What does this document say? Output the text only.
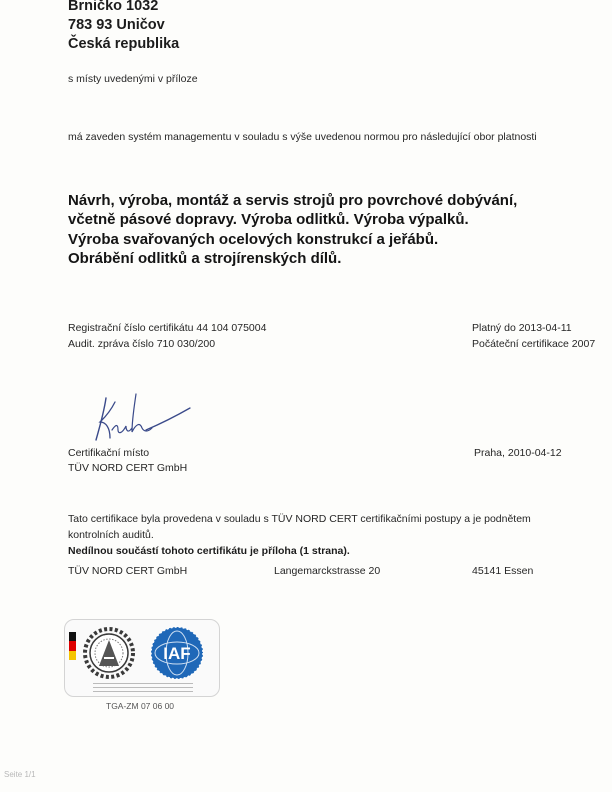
Brničko 1032
783 93 Uničov
Česká republika
s místy uvedenými v příloze
má zaveden systém managementu v souladu s výše uvedenou normou pro následující obor platnosti
Návrh, výroba, montáž a servis strojů pro povrchové dobývání,
včetně pásové dopravy. Výroba odlitků. Výroba výpalků.
Výroba svařovaných ocelových konstrukcí a jeřábů.
Obrábění odlitků a strojírenských dílů.
Registrační číslo certifikátu 44 104 075004
Audit. zpráva číslo 710 030/200
Platný do 2013-04-11
Počáteční certifikace 2007
Certifikační místo
TÜV NORD CERT GmbH
Praha, 2010-04-12
Tato certifikace byla provedena v souladu s TÜV NORD CERT certifikačními postupy a je podnětem
kontrolních auditů.
Nedílnou součástí tohoto certifikátu je příloha (1 strana).
TÜV NORD CERT GmbH	Langemarckstrasse 20	45141 Essen
IAF
TGA-ZM 07 06 00
Seite 1/1
